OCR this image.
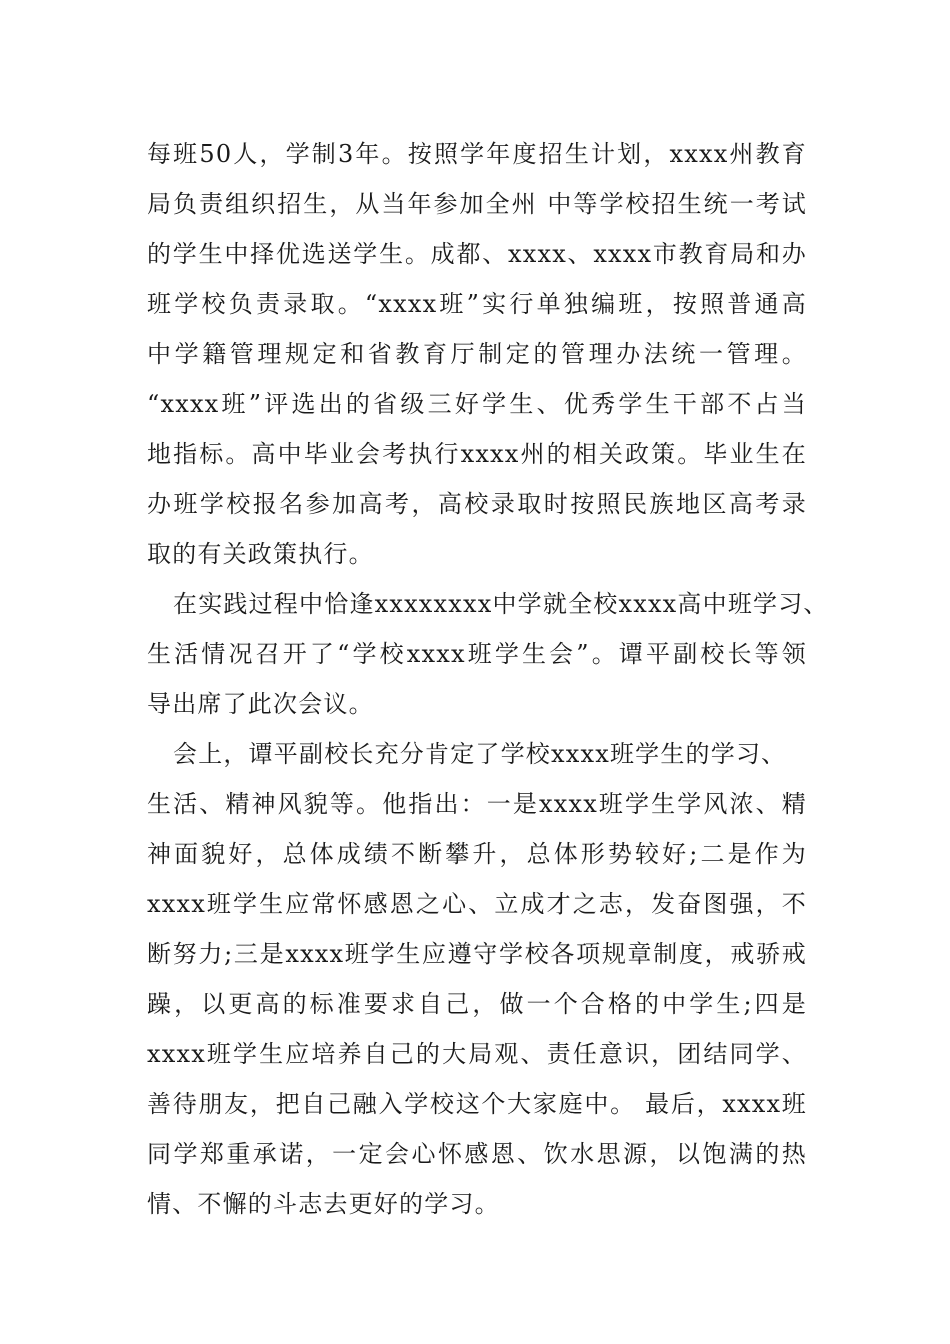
每班50人，学制3年。按照学年度招生计划，xxxx州教育
局负责组织招生，从当年参加全州 中等学校招生统一考试
的学生中择优选送学生。成都、xxxx、xxxx市教育局和办
班学校负责录取。“xxxx班”实行单独编班，按照普通高
中学籍管理规定和省教育厅制定的管理办法统一管理。
“xxxx班”评选出的省级三好学生、优秀学生干部不占当
地指标。高中毕业会考执行xxxx州的相关政策。毕业生在
办班学校报名参加高考，高校录取时按照民族地区高考录
取的有关政策执行。
在实践过程中恰逢xxxxxxxx中学就全校xxxx高中班学习、
生活情况召开了“学校xxxx班学生会”。谭平副校长等领
导出席了此次会议。
会上，谭平副校长充分肯定了学校xxxx班学生的学习、
生活、精神风貌等。他指出：一是xxxx班学生学风浓、精
神面貌好，总体成绩不断攀升，总体形势较好;二是作为
xxxx班学生应常怀感恩之心、立成才之志，发奋图强，不
断努力;三是xxxx班学生应遵守学校各项规章制度，戒骄戒
躁，以更高的标准要求自己，做一个合格的中学生;四是
xxxx班学生应培养自己的大局观、责任意识，团结同学、
善待朋友，把自己融入学校这个大家庭中。 最后，xxxx班
同学郑重承诺，一定会心怀感恩、饮水思源，以饱满的热
情、不懈的斗志去更好的学习。
